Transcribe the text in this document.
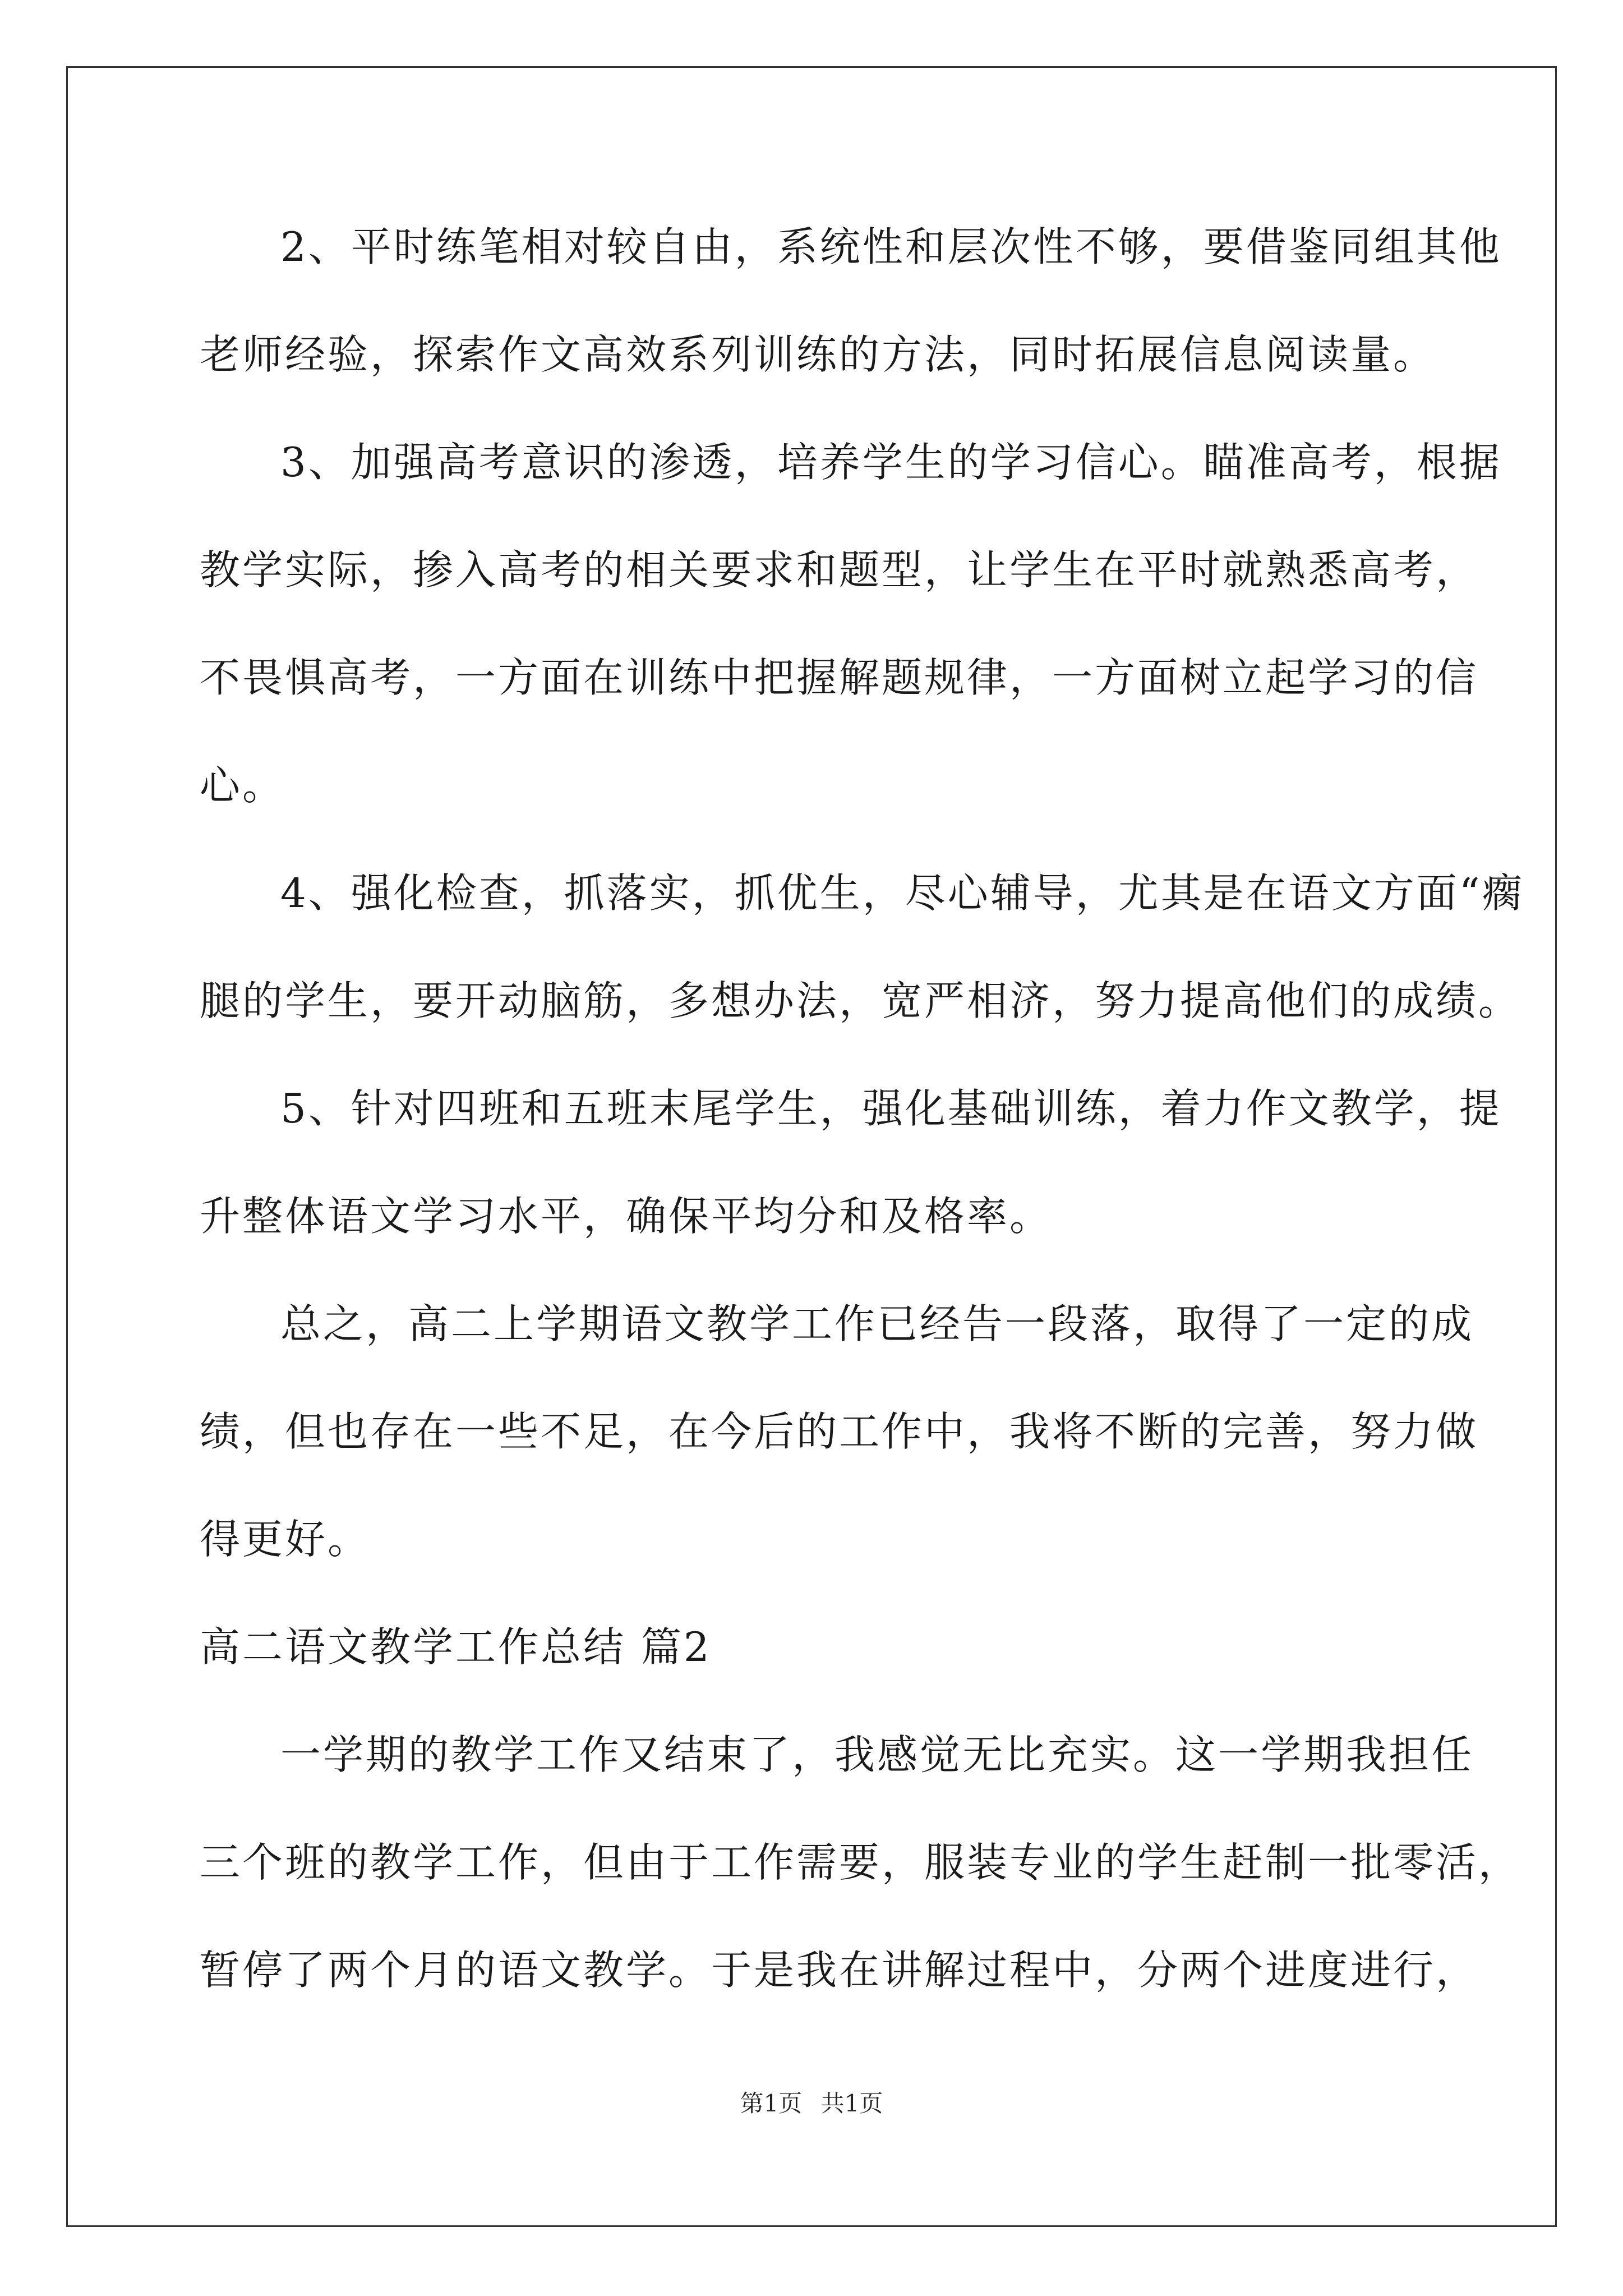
2、平时练笔相对较自由，系统性和层次性不够，要借鉴同组其他
老师经验，探索作文高效系列训练的方法，同时拓展信息阅读量。
3、加强高考意识的渗透，培养学生的学习信心。瞄准高考，根据
教学实际，掺入高考的相关要求和题型，让学生在平时就熟悉高考，
不畏惧高考，一方面在训练中把握解题规律，一方面树立起学习的信
心。
4、强化检查，抓落实，抓优生，尽心辅导，尤其是在语文方面“瘸
腿的学生，要开动脑筋，多想办法，宽严相济，努力提高他们的成绩。
5、针对四班和五班末尾学生，强化基础训练，着力作文教学，提
升整体语文学习水平，确保平均分和及格率。
总之，高二上学期语文教学工作已经告一段落，取得了一定的成
绩，但也存在一些不足，在今后的工作中，我将不断的完善，努力做
得更好。
高二语文教学工作总结 篇2
一学期的教学工作又结束了，我感觉无比充实。这一学期我担任
三个班的教学工作，但由于工作需要，服装专业的学生赶制一批零活，
暂停了两个月的语文教学。于是我在讲解过程中，分两个进度进行，
第1页 共1页
